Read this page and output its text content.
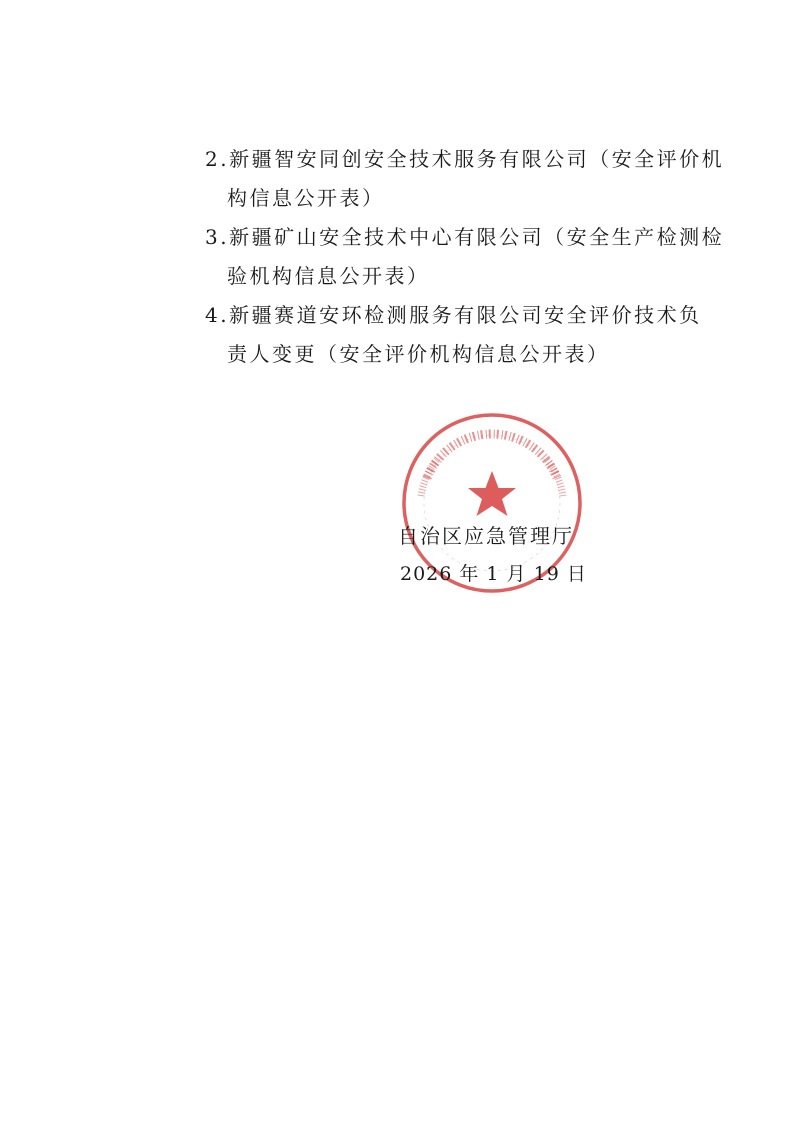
2.新疆智安同创安全技术服务有限公司（安全评价机
构信息公开表）

3.新疆矿山安全技术中心有限公司（安全生产检测检
验机构信息公开表）

4.新疆赛道安环检测服务有限公司安全评价技术负
责人变更（安全评价机构信息公开表）

自治区应急管理厅
2026 年 1 月 19 日
